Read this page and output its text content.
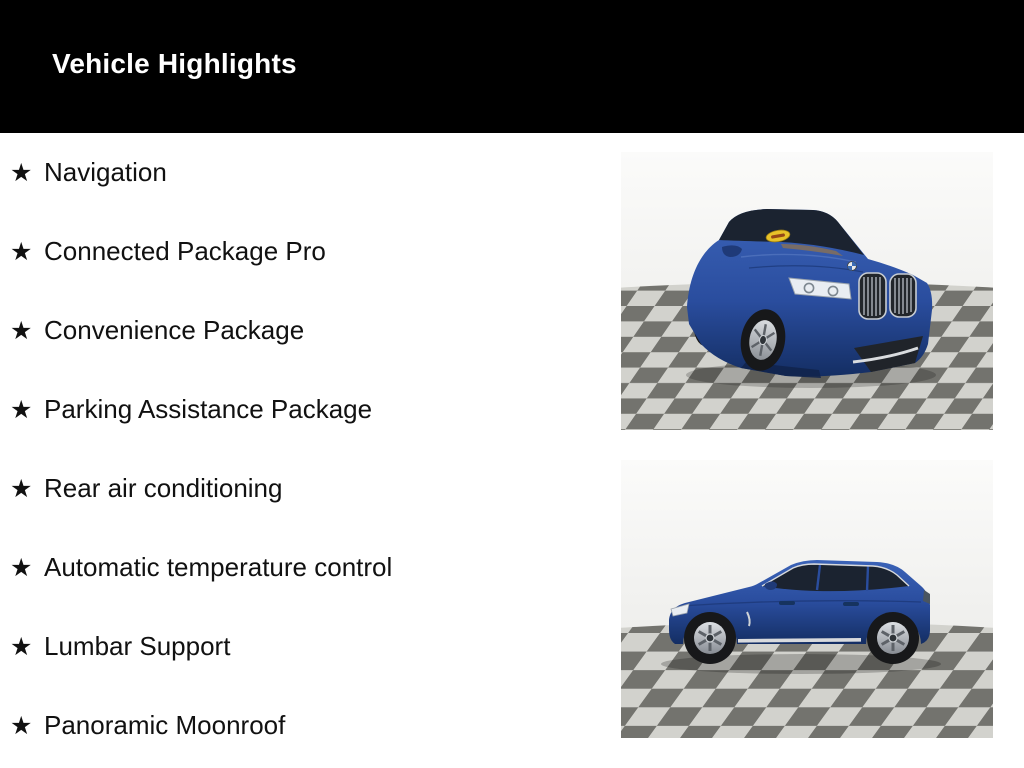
Vehicle Highlights
★ Navigation
★ Connected Package Pro
★ Convenience Package
★ Parking Assistance Package
★ Rear air conditioning
★ Automatic temperature control
★ Lumbar Support
★ Panoramic Moonroof
